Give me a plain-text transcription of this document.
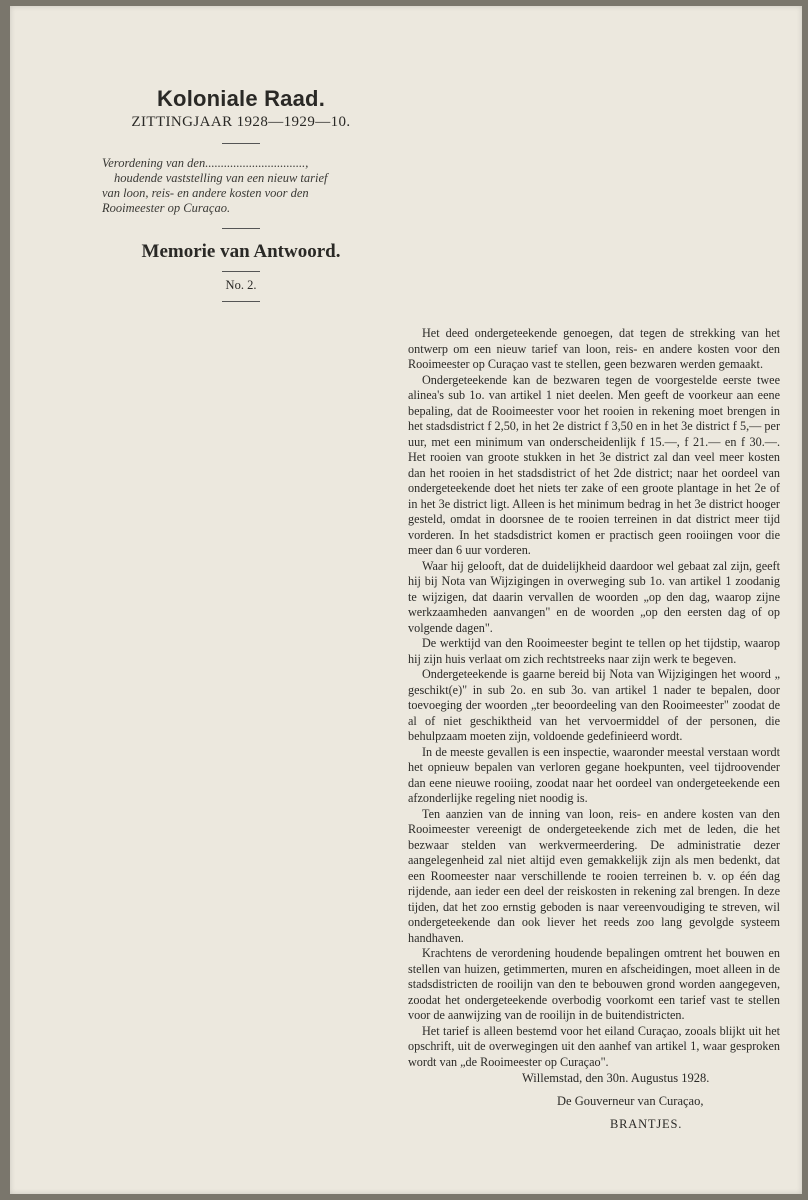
Koloniale Raad.
ZITTINGJAAR 1928—1929—10.
Verordening van den................................,
houdende vaststelling van een nieuw tarief
van loon, reis- en andere kosten voor den
Rooimeester op Curaçao.
Memorie van Antwoord.
No. 2.

Het deed ondergeteekende genoegen, dat tegen de strekking van het ontwerp om een nieuw tarief van loon, reis- en andere kosten voor den Rooimeester op Curaçao vast te stellen, geen bezwaren werden gemaakt.

Ondergeteekende kan de bezwaren tegen de voorgestelde eerste twee alinea's sub 1o. van artikel 1 niet deelen. Men geeft de voorkeur aan eene bepaling, dat de Rooimeester voor het rooien in rekening moet brengen in het stadsdistrict f 2,50, in het 2e district f 3,50 en in het 3e district f 5,— per uur, met een minimum van onderscheidenlijk f 15.—, f 21.— en f 30.—. Het rooien van groote stukken in het 3e district zal dan veel meer kosten dan het rooien in het stadsdistrict of het 2de district; naar het oordeel van ondergeteekende doet het niets ter zake of een groote plantage in het 2e of in het 3e district ligt. Alleen is het minimum bedrag in het 3e district hooger gesteld, omdat in doorsnee de te rooien terreinen in dat district meer tijd vorderen. In het stadsdistrict komen er practisch geen rooiingen voor die meer dan 6 uur vorderen.

Waar hij gelooft, dat de duidelijkheid daardoor wel gebaat zal zijn, geeft hij bij Nota van Wijzigingen in overweging sub 1o. van artikel 1 zoodanig te wijzigen, dat daarin vervallen de woorden „op den dag, waarop zijne werkzaamheden aanvangen" en de woorden „op den eersten dag of op volgende dagen".

De werktijd van den Rooimeester begint te tellen op het tijdstip, waarop hij zijn huis verlaat om zich rechtstreeks naar zijn werk te begeven.

Ondergeteekende is gaarne bereid bij Nota van Wijzigingen het woord „ geschikt(e)" in sub 2o. en sub 3o. van artikel 1 nader te bepalen, door toevoeging der woorden „ter beoordeeling van den Rooimeester" zoodat de al of niet geschiktheid van het vervoermiddel of der personen, die behulpzaam moeten zijn, voldoende gedefinieerd wordt.

In de meeste gevallen is een inspectie, waaronder meestal verstaan wordt het opnieuw bepalen van verloren gegane hoekpunten, veel tijdroovender dan eene nieuwe rooiing, zoodat naar het oordeel van ondergeteekende een afzonderlijke regeling niet noodig is.

Ten aanzien van de inning van loon, reis- en andere kosten van den Rooimeester vereenigt de ondergeteekende zich met de leden, die het bezwaar stelden van werkvermeerdering. De administratie dezer aangelegenheid zal niet altijd even gemakkelijk zijn als men bedenkt, dat een Roomeester naar verschillende te rooien terreinen b. v. op één dag rijdende, aan ieder een deel der reiskosten in rekening zal brengen. In deze tijden, dat het zoo ernstig geboden is naar vereenvoudiging te streven, wil ondergeteekende dan ook liever het reeds zoo lang gevolgde systeem handhaven.

Krachtens de verordening houdende bepalingen omtrent het bouwen en stellen van huizen, getimmerten, muren en afscheidingen, moet alleen in de stadsdistricten de rooilijn van den te bebouwen grond worden aangegeven, zoodat het ondergeteekende overbodig voorkomt een tarief vast te stellen voor de aanwijzing van de rooilijn in de buitendistricten.

Het tarief is alleen bestemd voor het eiland Curaçao, zooals blijkt uit het opschrift, uit de overwegingen uit den aanhef van artikel 1, waar gesproken wordt van „de Rooimeester op Curaçao".

Willemstad, den 30n. Augustus 1928.
De Gouverneur van Curaçao,
BRANTJES.
